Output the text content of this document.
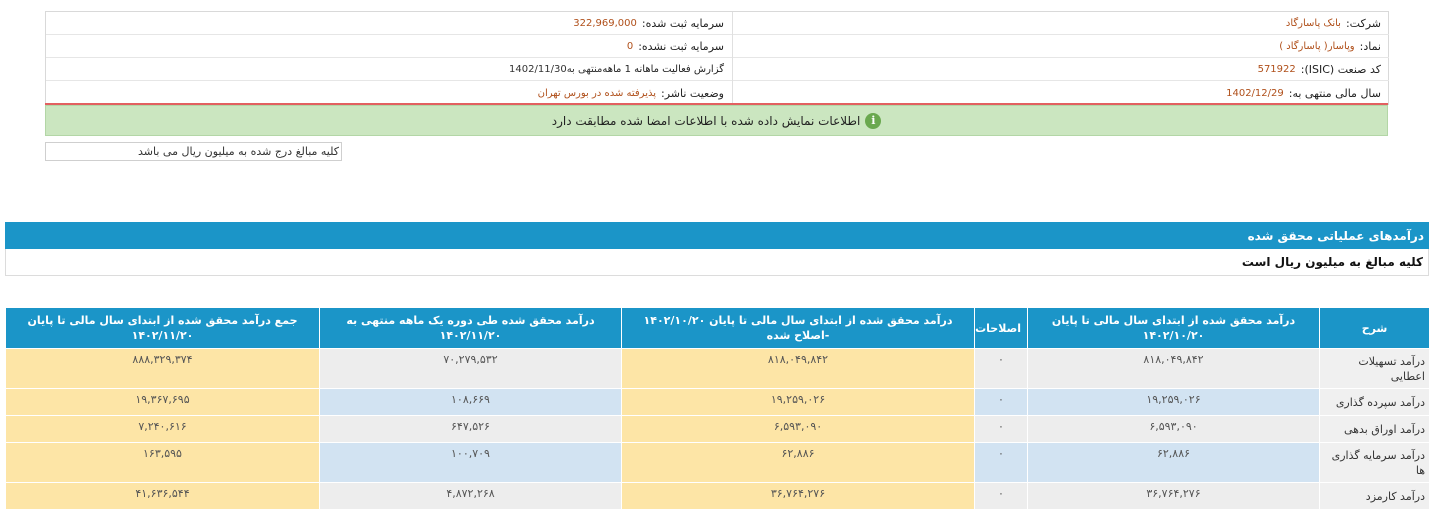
شرکت:
بانک پاسارگاد
نماد:
وپاسار( پاسارگاد )
کد صنعت (ISIC):
571922
سال مالی منتهی به:
1402/12/29
سرمایه ثبت شده:
322,969,000
سرمایه ثبت نشده:
0
گزارش فعالیت ماهانه 1 ماهه
منتهی به1402/11/30
وضعیت ناشر:
پذیرفته شده در بورس تهران
i
اطلاعات نمایش داده شده با اطلاعات امضا شده مطابقت دارد
کلیه مبالغ درج شده به میلیون ریال می باشد
درآمدهای عملیاتی محقق شده
کلیه مبالغ به میلیون ریال است
شرح	درآمد محقق شده از ابتدای سال مالی تا پایان ۱۴۰۲/۱۰/۲۰	اصلاحات	درآمد محقق شده از ابتدای سال مالی تا پایان ۱۴۰۲/۱۰/۲۰ -اصلاح شده	درآمد محقق شده طی دوره یک ماهه منتهی به ۱۴۰۲/۱۱/۲۰	جمع درآمد محقق شده از ابتدای سال مالی تا پایان ۱۴۰۲/۱۱/۲۰
درآمد تسهیلات اعطایی	۸۱۸,۰۴۹,۸۴۲	۰	۸۱۸,۰۴۹,۸۴۲	۷۰,۲۷۹,۵۳۲	۸۸۸,۳۲۹,۳۷۴
درآمد سپرده گذاری	۱۹,۲۵۹,۰۲۶	۰	۱۹,۲۵۹,۰۲۶	۱۰۸,۶۶۹	۱۹,۳۶۷,۶۹۵
درآمد اوراق بدهی	۶,۵۹۳,۰۹۰	۰	۶,۵۹۳,۰۹۰	۶۴۷,۵۲۶	۷,۲۴۰,۶۱۶
درآمد سرمایه گذاری ها	۶۲,۸۸۶	۰	۶۲,۸۸۶	۱۰۰,۷۰۹	۱۶۳,۵۹۵
درآمد کارمزد	۳۶,۷۶۴,۲۷۶	۰	۳۶,۷۶۴,۲۷۶	۴,۸۷۲,۲۶۸	۴۱,۶۳۶,۵۴۴
